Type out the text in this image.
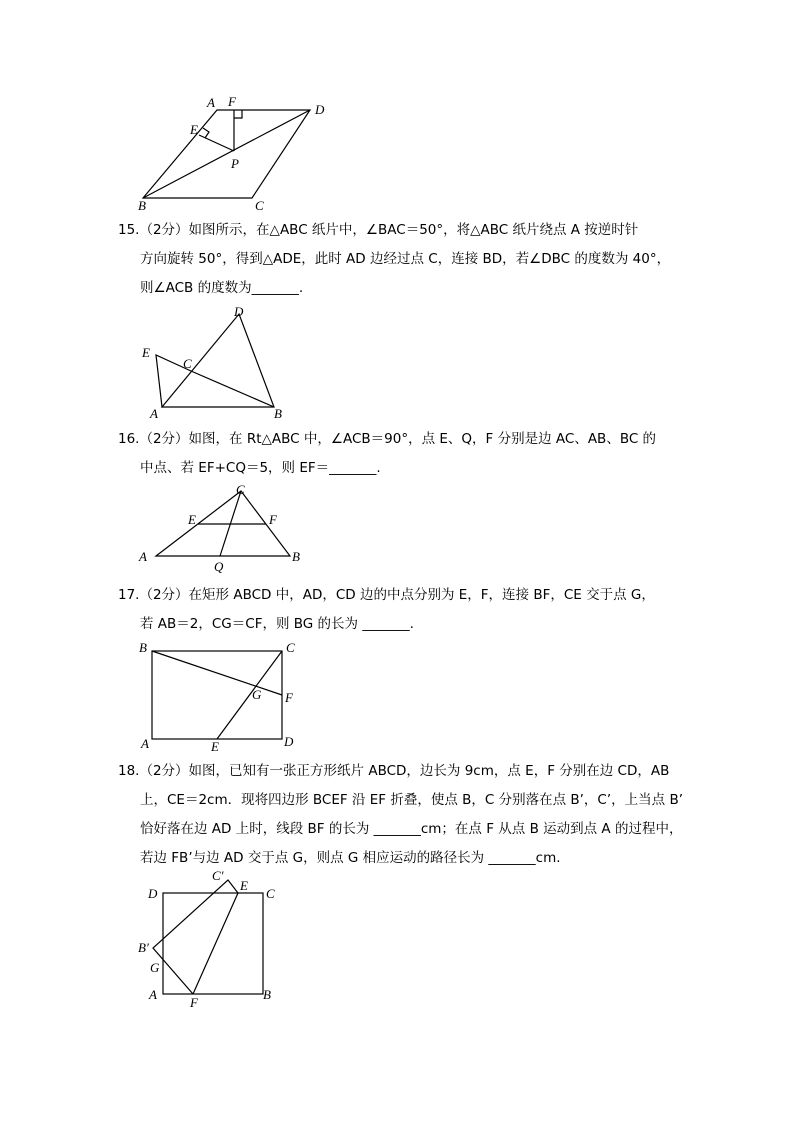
A F
D
E
P
B	C
15.（2分）如图所示，在△ABC 纸片中，∠BAC＝50°，将△ABC 纸片绕点 A 按逆时针
方向旋转 50°，得到△ADE，此时 AD 边经过点 C，连接 BD，若∠DBC 的度数为 40°，
则∠ACB 的度数为_______.
D
E
C
A	B
16.（2分）如图，在 Rt△ABC 中，∠ACB＝90°，点 E、Q，F 分别是边 AC、AB、BC 的
中点、若 EF+CQ＝5，则 EF＝_______.
C
E	F
A
Q
B
17.（2分）在矩形 ABCD 中，AD，CD 边的中点分别为 E，F，连接 BF，CE 交于点 G，
若 AB＝2，CG＝CF，则 BG 的长为 _______.
B	C
G F
A	E	D
18.（2分）如图，已知有一张正方形纸片 ABCD，边长为 9cm，点 E，F 分别在边 CD，AB
上，CE＝2cm．现将四边形 BCEF 沿 EF 折叠，使点 B，C 分别落在点 B’，C’，上当点 B’
恰好落在边 AD 上时，线段 BF 的长为 _______cm；在点 F 从点 B 运动到点 A 的过程中，
若边 FB’与边 AD 交于点 G，则点 G 相应运动的路径长为 _______cm.
C′
E
D	C
B′
G
A
F
B
